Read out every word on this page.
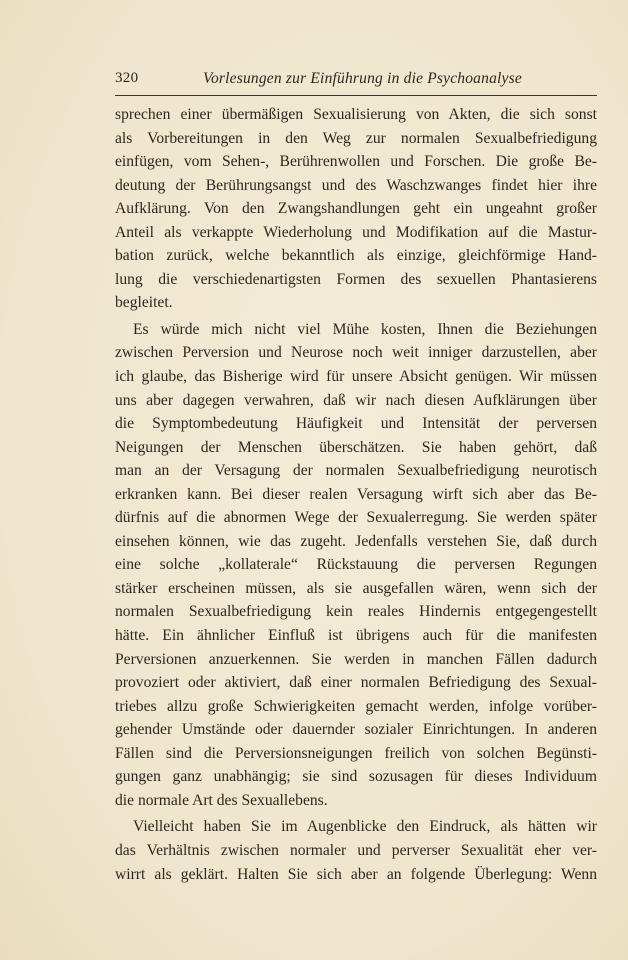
320	Vorlesungen zur Einführung in die Psychoanalyse
sprechen einer übermäßigen Sexualisierung von Akten, die sich sonst
als Vorbereitungen in den Weg zur normalen Sexualbefriedigung
einfügen, vom Sehen-, Berührenwollen und Forschen. Die große Be-
deutung der Berührungsangst und des Waschzwanges findet hier ihre
Aufklärung. Von den Zwangshandlungen geht ein ungeahnt großer
Anteil als verkappte Wiederholung und Modifikation auf die Mastur-
bation zurück, welche bekanntlich als einzige, gleichförmige Hand-
lung die verschiedenartigsten Formen des sexuellen Phantasierens
begleitet.
Es würde mich nicht viel Mühe kosten, Ihnen die Beziehungen
zwischen Perversion und Neurose noch weit inniger darzustellen, aber
ich glaube, das Bisherige wird für unsere Absicht genügen. Wir müssen
uns aber dagegen verwahren, daß wir nach diesen Aufklärungen über
die Symptombedeutung Häufigkeit und Intensität der perversen
Neigungen der Menschen überschätzen. Sie haben gehört, daß
man an der Versagung der normalen Sexualbefriedigung neurotisch
erkranken kann. Bei dieser realen Versagung wirft sich aber das Be-
dürfnis auf die abnormen Wege der Sexualerregung. Sie werden später
einsehen können, wie das zugeht. Jedenfalls verstehen Sie, daß durch
eine solche „kollaterale“ Rückstauung die perversen Regungen
stärker erscheinen müssen, als sie ausgefallen wären, wenn sich der
normalen Sexualbefriedigung kein reales Hindernis entgegengestellt
hätte. Ein ähnlicher Einfluß ist übrigens auch für die manifesten
Perversionen anzuerkennen. Sie werden in manchen Fällen dadurch
provoziert oder aktiviert, daß einer normalen Befriedigung des Sexual-
triebes allzu große Schwierigkeiten gemacht werden, infolge vorüber-
gehender Umstände oder dauernder sozialer Einrichtungen. In anderen
Fällen sind die Perversionsneigungen freilich von solchen Begünsti-
gungen ganz unabhängig; sie sind sozusagen für dieses Individuum
die normale Art des Sexuallebens.
Vielleicht haben Sie im Augenblicke den Eindruck, als hätten wir
das Verhältnis zwischen normaler und perverser Sexualität eher ver-
wirrt als geklärt. Halten Sie sich aber an folgende Überlegung: Wenn
